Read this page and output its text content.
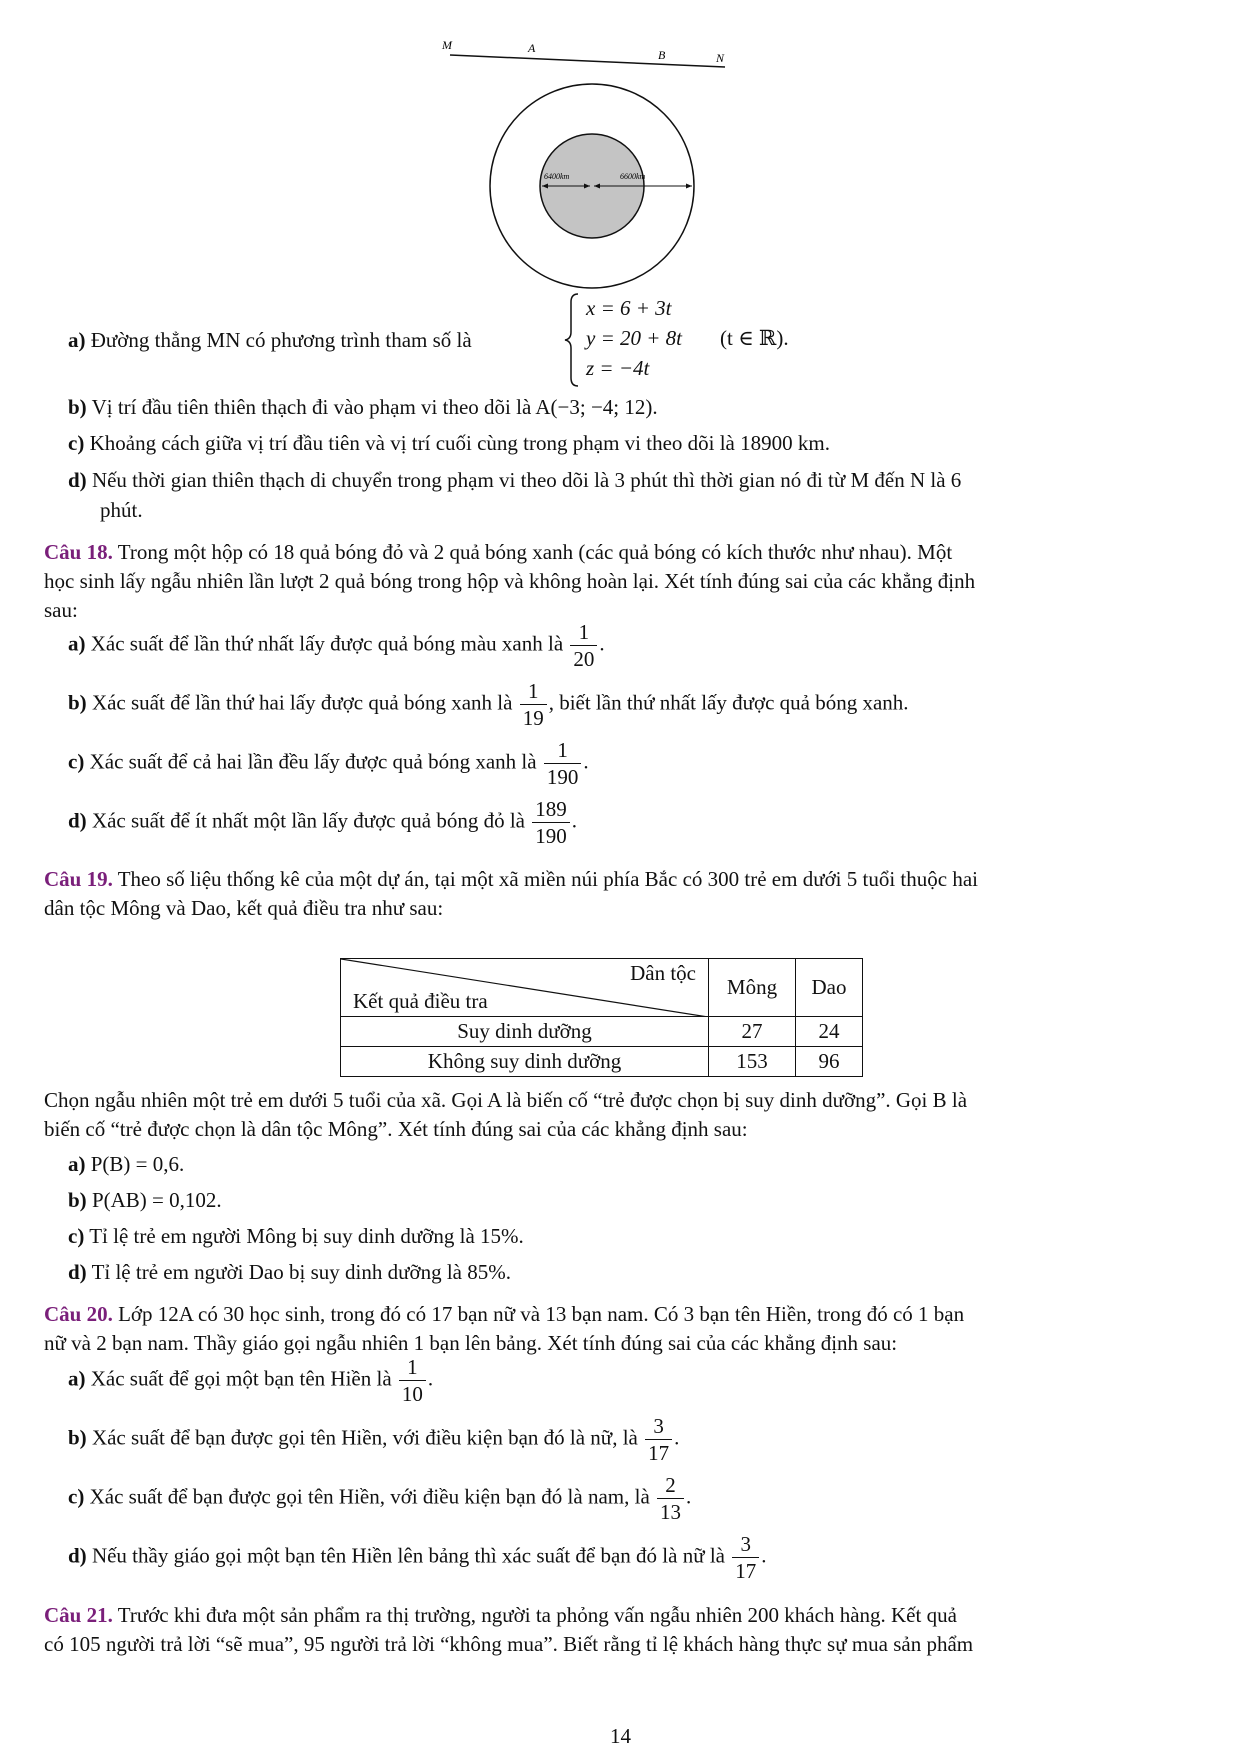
6400km	6600km
M	A	B	N
a) Đường thẳng MN có phương trình tham số là
x = 6 + 3t
y = 20 + 8t
z = −4t
(t ∈ ℝ).
b) Vị trí đầu tiên thiên thạch đi vào phạm vi theo dõi là A(−3; −4; 12).
c) Khoảng cách giữa vị trí đầu tiên và vị trí cuối cùng trong phạm vi theo dõi là 18900 km.
d) Nếu thời gian thiên thạch di chuyển trong phạm vi theo dõi là 3 phút thì thời gian nó đi từ M đến N là 6
phút.
Câu 18. Trong một hộp có 18 quả bóng đỏ và 2 quả bóng xanh (các quả bóng có kích thước như nhau). Một
học sinh lấy ngẫu nhiên lần lượt 2 quả bóng trong hộp và không hoàn lại. Xét tính đúng sai của các khẳng định
sau:
a) Xác suất để lần thứ nhất lấy được quả bóng màu xanh là $\frac{1}{20}$ .
b) Xác suất để lần thứ hai lấy được quả bóng xanh là $\frac{1}{19}$ , biết lần thứ nhất lấy được quả bóng xanh.
c) Xác suất để cả hai lần đều lấy được quả bóng xanh là $\frac{1}{190}$ .
d) Xác suất để ít nhất một lần lấy được quả bóng đỏ là $\frac{189}{190}$ .
Câu 19. Theo số liệu thống kê của một dự án, tại một xã miền núi phía Bắc có 300 trẻ em dưới 5 tuổi thuộc hai
dân tộc Mông và Dao, kết quả điều tra như sau:
Dân tộc
Kết quả điều tra	Mông	Dao
Suy dinh dưỡng	27	24
Không suy dinh dưỡng	153	96
Chọn ngẫu nhiên một trẻ em dưới 5 tuổi của xã. Gọi A là biến cố “trẻ được chọn bị suy dinh dưỡng”. Gọi B là
biến cố “trẻ được chọn là dân tộc Mông”. Xét tính đúng sai của các khẳng định sau:
a) P(B) = 0,6.
b) P(AB) = 0,102.
c) Tỉ lệ trẻ em người Mông bị suy dinh dưỡng là 15%.
d) Tỉ lệ trẻ em người Dao bị suy dinh dưỡng là 85%.
Câu 20. Lớp 12A có 30 học sinh, trong đó có 17 bạn nữ và 13 bạn nam. Có 3 bạn tên Hiền, trong đó có 1 bạn
nữ và 2 bạn nam. Thầy giáo gọi ngẫu nhiên 1 bạn lên bảng. Xét tính đúng sai của các khẳng định sau:
a) Xác suất để gọi một bạn tên Hiền là $\frac{1}{10}$ .
b) Xác suất để bạn được gọi tên Hiền, với điều kiện bạn đó là nữ, là $\frac{3}{17}$ .
c) Xác suất để bạn được gọi tên Hiền, với điều kiện bạn đó là nam, là $\frac{2}{13}$ .
d) Nếu thầy giáo gọi một bạn tên Hiền lên bảng thì xác suất để bạn đó là nữ là $\frac{3}{17}$ .
Câu 21. Trước khi đưa một sản phẩm ra thị trường, người ta phỏng vấn ngẫu nhiên 200 khách hàng. Kết quả
có 105 người trả lời “sẽ mua”, 95 người trả lời “không mua”. Biết rằng tỉ lệ khách hàng thực sự mua sản phẩm
14
